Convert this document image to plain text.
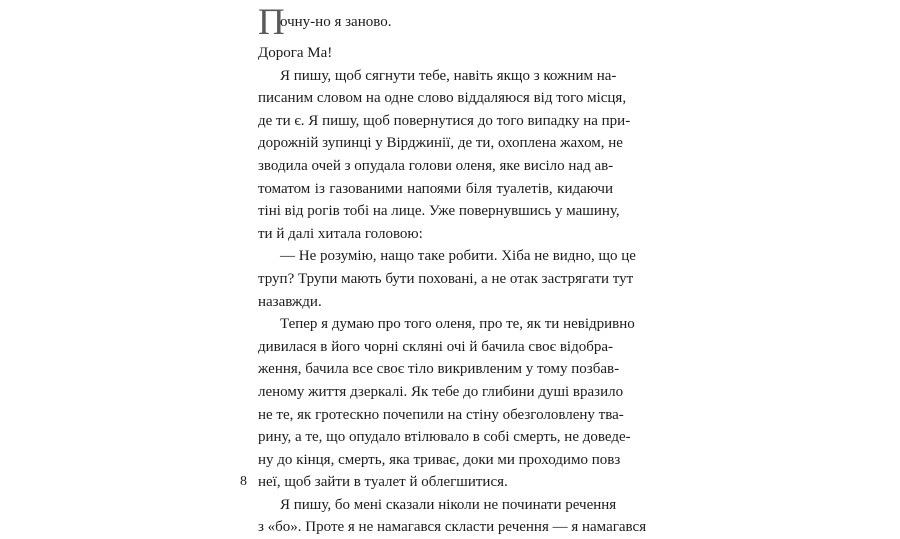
П
очну-но я заново.

Дорога Ма!

Я пишу, щоб сягнути тебе, навіть якщо з кожним на-
писаним словом на одне слово віддаляюся від того місця,
де ти є. Я пишу, щоб повернутися до того випадку на при-
дорожній зупинці у Вірджинії, де ти, охоплена жахом, не
зводила очей з опудала голови оленя, яке висіло над ав-
томатом із газованими напоями біля туалетів, кидаючи
тіні від рогів тобі на лице. Уже повернувшись у машину,
ти й далі хитала головою:
— Не розумію, нащо таке робити. Хіба не видно, що це
труп? Трупи мають бути поховані, а не отак застрягати тут
назавжди.
Тепер я думаю про того оленя, про те, як ти невідривно
дивилася в його чорні скляні очі й бачила своє відобра-
ження, бачила все своє тіло викривленим у тому позбав-
леному життя дзеркалі. Як тебе до глибини душі вразило
не те, як гротескно почепили на стіну обезголовлену тва-
рину, а те, що опудало втілювало в собі смерть, не доведе-
ну до кінця, смерть, яка триває, доки ми проходимо повз
неї, щоб зайти в туалет й облегшитися.
Я пишу, бо мені сказали ніколи не починати речення
з «бо». Проте я не намагався скласти речення — я намагався
8
